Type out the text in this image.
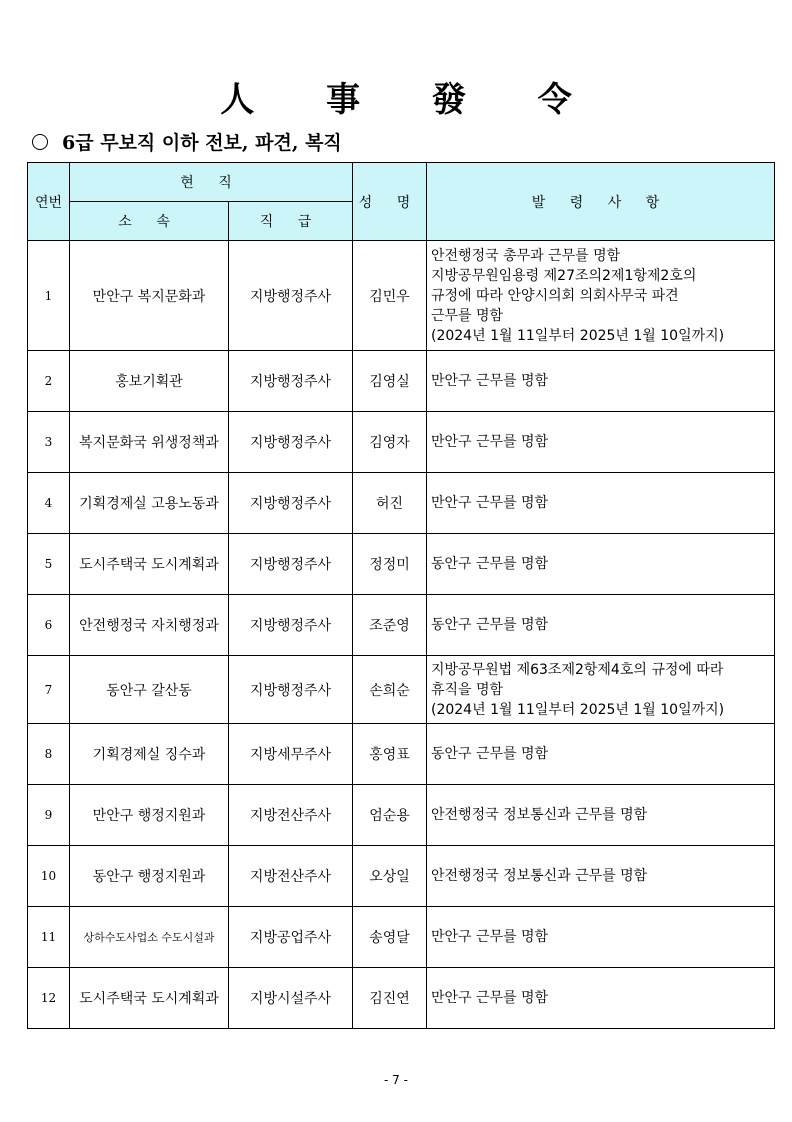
人 事 發 令
6급 무보직 이하 전보, 파견, 복직
연번	현 직		성 명	발 령 사 항
	소 속	직 급		
1	만안구 복지문화과	지방행정주사	김민우	안전행정국 총무과 근무를 명함
지방공무원임용령 제27조의2제1항제2호의
규정에 따라 안양시의회 의회사무국 파견
근무를 명함
(2024년 1월 11일부터 2025년 1월 10일까지)

2	홍보기획관	지방행정주사	김영실	만안구 근무를 명함

3	복지문화국 위생정책과	지방행정주사	김영자	만안구 근무를 명함

4	기획경제실 고용노동과	지방행정주사	허진	만안구 근무를 명함

5	도시주택국 도시계획과	지방행정주사	정정미	동안구 근무를 명함

6	안전행정국 자치행정과	지방행정주사	조준영	동안구 근무를 명함

7	동안구 갈산동	지방행정주사	손희순	지방공무원법 제63조제2항제4호의 규정에 따라
휴직을 명함
(2024년 1월 11일부터 2025년 1월 10일까지)

8	기획경제실 징수과	지방세무주사	홍영표	동안구 근무를 명함

9	만안구 행정지원과	지방전산주사	엄순용	안전행정국 정보통신과 근무를 명함

10	동안구 행정지원과	지방전산주사	오상일	안전행정국 정보통신과 근무를 명함

11	상하수도사업소 수도시설과	지방공업주사	송영달	만안구 근무를 명함

12	도시주택국 도시계획과	지방시설주사	김진연	만안구 근무를 명함
- 7 -
